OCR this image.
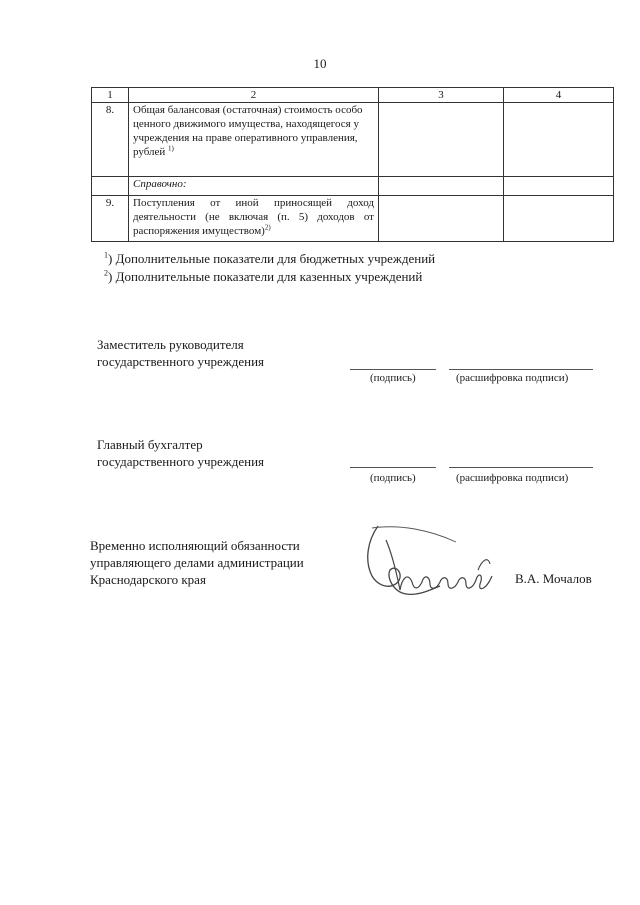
10
1	2	3	4
8.	Общая балансовая (остаточная) стоимость особо ценного движимого имущества, находящегося у учреждения на праве оперативного управления, рублей $^{1)}$		
	Справочно:		
9.	Поступления от иной приносящей доход деятельности (не включая (п. 5) доходов от распоряжения имуществом)$^{2)}$		
$^1$) Дополнительные показатели для бюджетных учреждений
$^2$) Дополнительные показатели для казенных учреждений
Заместитель руководителя
государственного учреждения
(подпись)	(расшифровка подписи)
Главный бухгалтер
государственного учреждения
(подпись)	(расшифровка подписи)
Временно исполняющий обязанности
управляющего делами администрации
Краснодарского края	В.А. Мочалов
